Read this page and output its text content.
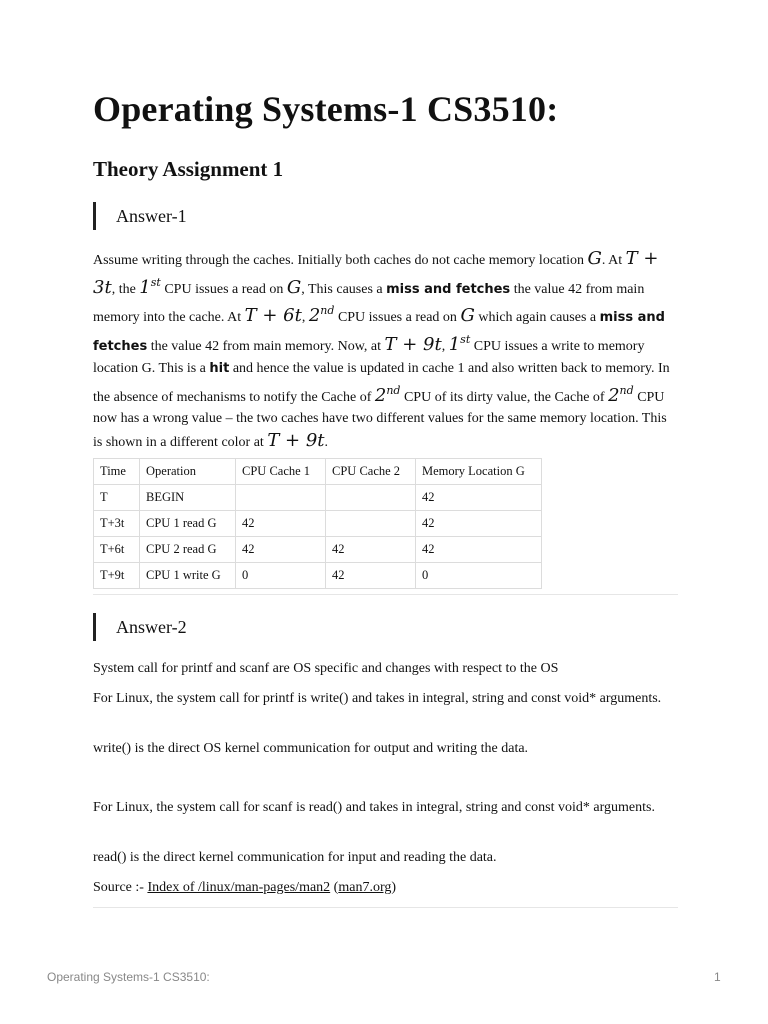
Operating Systems-1 CS3510:
Theory Assignment 1
Answer-1

Assume writing through the caches. Initially both caches do not cache memory location G. At T + 3t, the 1st CPU issues a read on G, This causes a miss and fetches the value 42 from main memory into the cache. At T + 6t, 2nd CPU issues a read on G which again causes a miss and fetches the value 42 from main memory. Now, at T + 9t, 1st CPU issues a write to memory location G. This is a hit and hence the value is updated in cache 1 and also written back to memory. In the absence of mechanisms to notify the Cache of 2nd CPU of its dirty value, the Cache of 2nd CPU now has a wrong value – the two caches have two different values for the same memory location. This is shown in a different color at T + 9t.

Time	Operation	CPU Cache 1	CPU Cache 2	Memory Location G
T	BEGIN			42
T+3t	CPU 1 read G	42		42
T+6t	CPU 2 read G	42	42	42
T+9t	CPU 1 write G	0	42	0
Answer-2

System call for printf and scanf are OS specific and changes with respect to the OS

For Linux, the system call for printf is write() and takes in integral, string and const void* arguments.

write() is the direct OS kernel communication for output and writing the data.

For Linux, the system call for scanf is read() and takes in integral, string and const void* arguments.

read() is the direct kernel communication for input and reading the data.

Source :- Index of /linux/man-pages/man2 (man7.org)

Operating Systems-1 CS3510:	1
